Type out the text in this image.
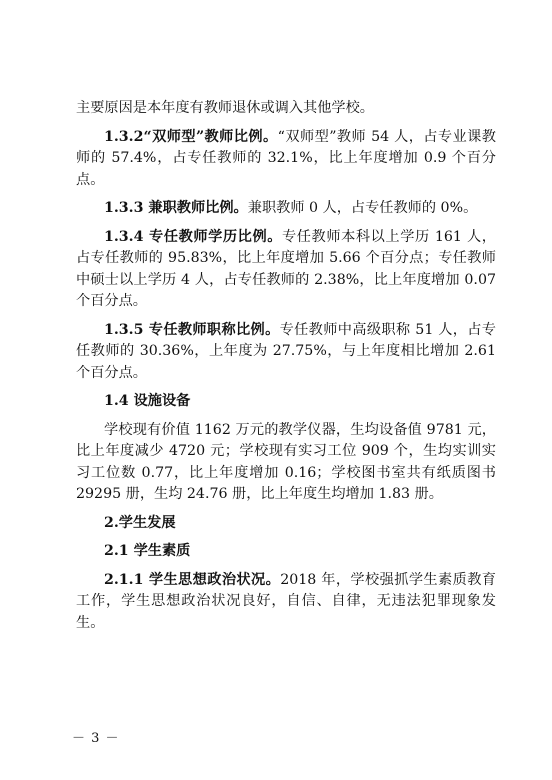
主要原因是本年度有教师退休或调入其他学校。

1.3.2“双师型”教师比例。“双师型”教师 54 人，占专业课教师的 57.4%，占专任教师的 32.1%，比上年度增加 0.9 个百分点。

1.3.3 兼职教师比例。兼职教师 0 人，占专任教师的 0%。

1.3.4 专任教师学历比例。专任教师本科以上学历 161 人，占专任教师的 95.83%，比上年度增加 5.66 个百分点；专任教师中硕士以上学历 4 人，占专任教师的 2.38%，比上年度增加 0.07 个百分点。

1.3.5 专任教师职称比例。专任教师中高级职称 51 人，占专任教师的 30.36%，上年度为 27.75%，与上年度相比增加 2.61 个百分点。

1.4 设施设备

学校现有价值 1162 万元的教学仪器，生均设备值 9781 元，比上年度减少 4720 元；学校现有实习工位 909 个，生均实训实习工位数 0.77，比上年度增加 0.16；学校图书室共有纸质图书 29295 册，生均 24.76 册，比上年度生均增加 1.83 册。

2.学生发展

2.1 学生素质

2.1.1 学生思想政治状况。2018 年，学校强抓学生素质教育工作，学生思想政治状况良好，自信、自律，无违法犯罪现象发生。

－ 3 －
